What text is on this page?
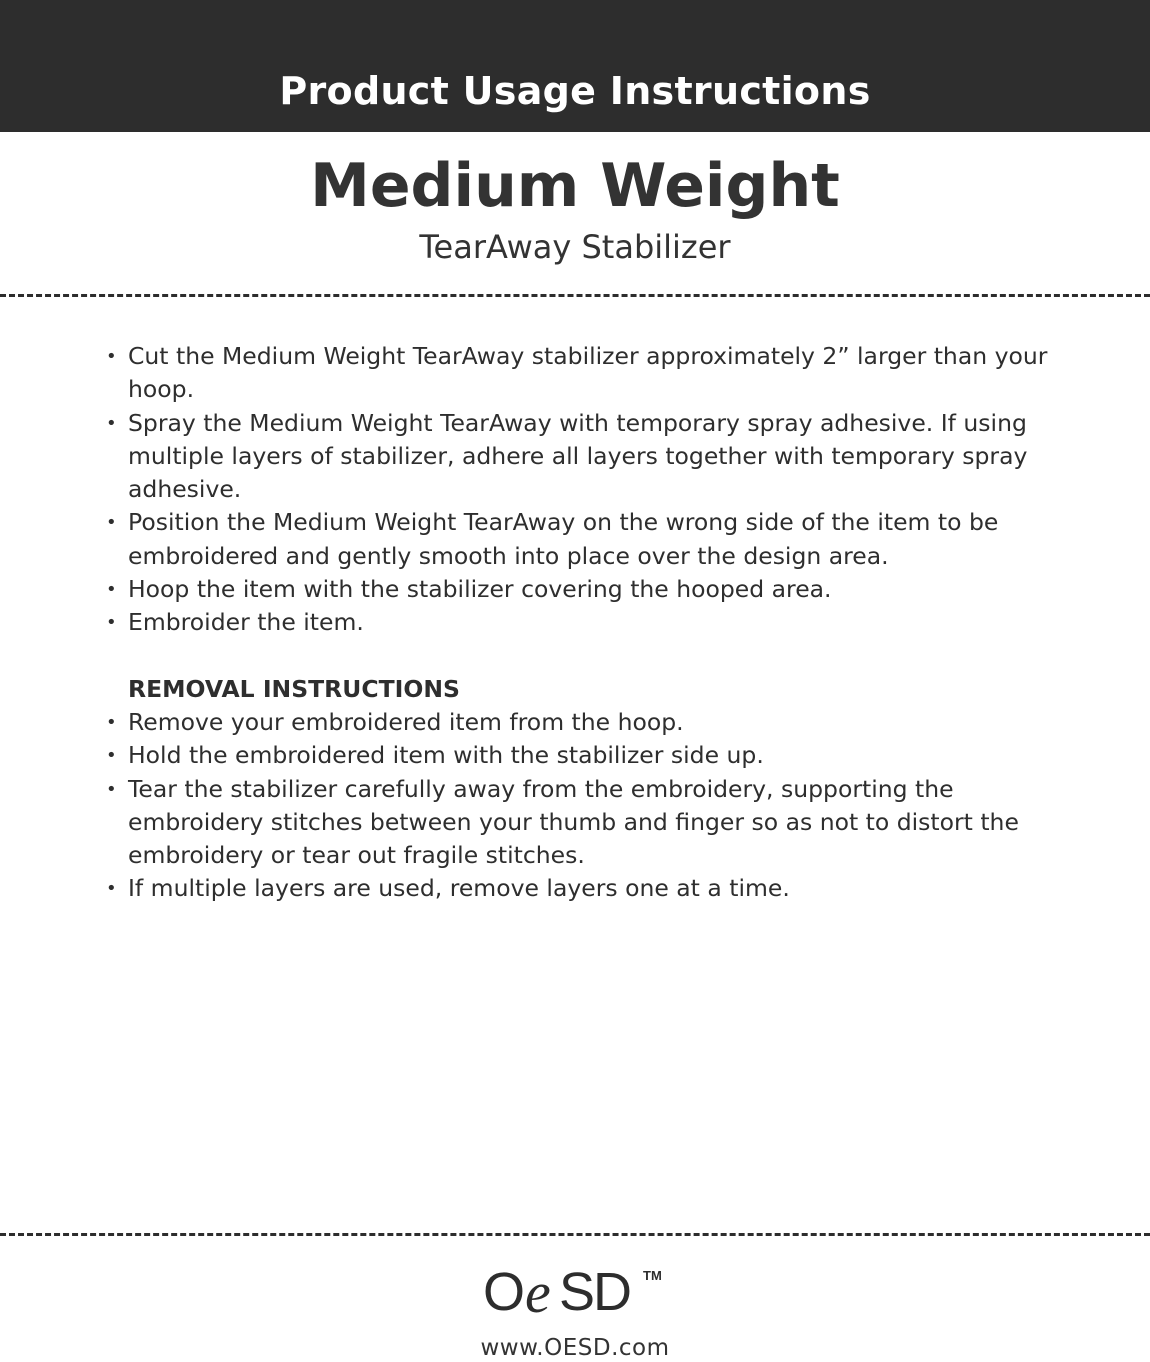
Product Usage Instructions
Medium Weight
TearAway Stabilizer

• Cut the Medium Weight TearAway stabilizer approximately 2” larger than your hoop.

• Spray the Medium Weight TearAway with temporary spray adhesive. If using multiple layers of stabilizer, adhere all layers together with temporary spray adhesive.

• Position the Medium Weight TearAway on the wrong side of the item to be embroidered and gently smooth into place over the design area.

• Hoop the item with the stabilizer covering the hooped area.

• Embroider the item.

REMOVAL INSTRUCTIONS

• Remove your embroidered item from the hoop.

• Hold the embroidered item with the stabilizer side up.

• Tear the stabilizer carefully away from the embroidery, supporting the embroidery stitches between your thumb and finger so as not to distort the embroidery or tear out fragile stitches.

• If multiple layers are used, remove layers one at a time.

O e SD TM
www.OESD.com
